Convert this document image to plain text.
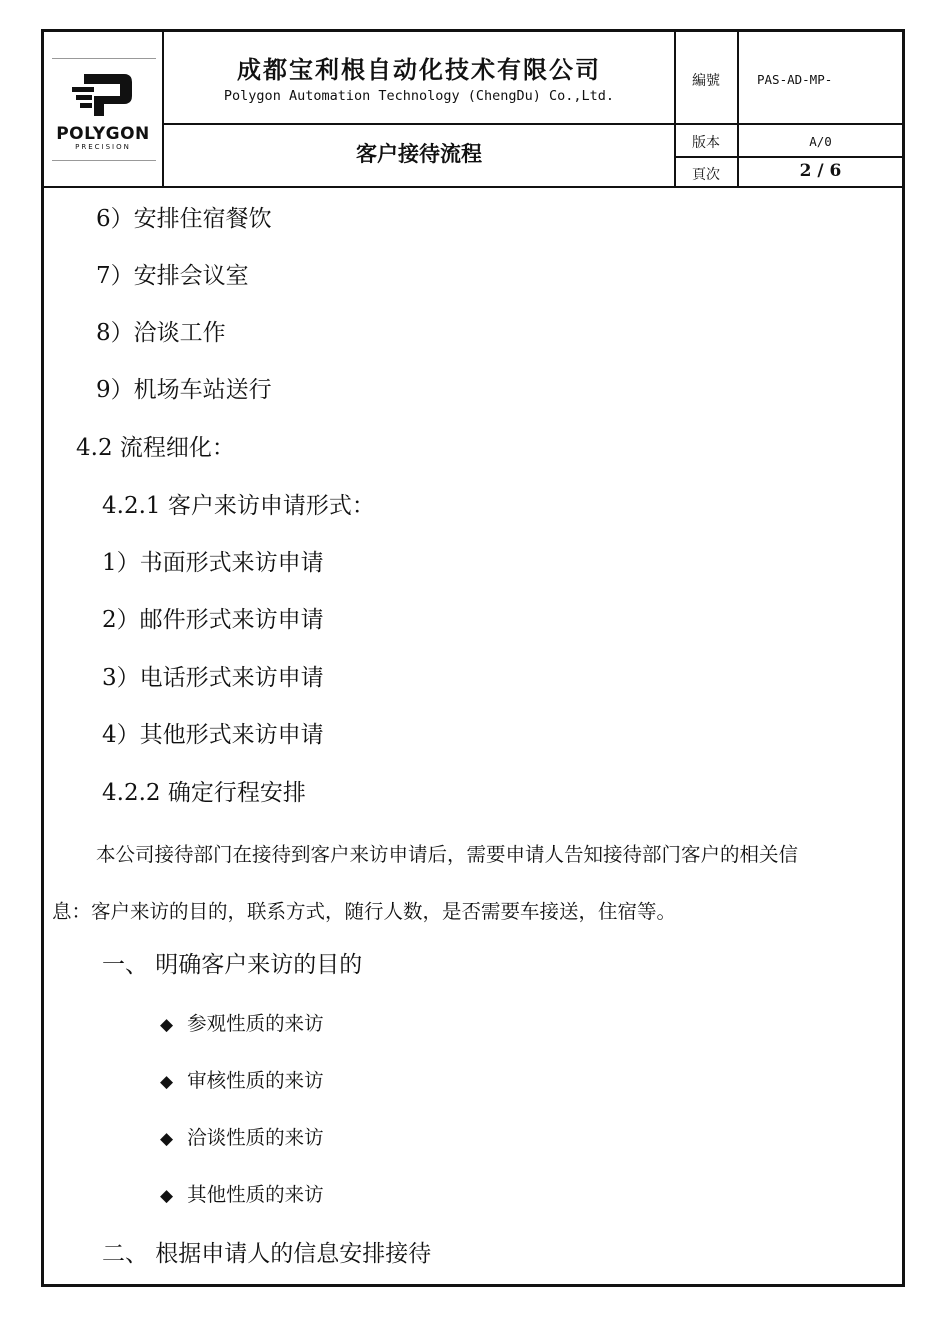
POLYGON
PRECISION
成都宝利根自动化技术有限公司
Polygon Automation Technology (ChengDu) Co.,Ltd.
客户接待流程
編號	PAS-AD-MP-
版本	A/0
頁次	2 / 6
6）安排住宿餐饮
7）安排会议室
8）洽谈工作
9）机场车站送行
4.2 流程细化：
4.2.1 客户来访申请形式：
1）书面形式来访申请
2）邮件形式来访申请
3）电话形式来访申请
4）其他形式来访申请
4.2.2 确定行程安排
本公司接待部门在接待到客户来访申请后，需要申请人告知接待部门客户的相关信
息：客户来访的目的，联系方式，随行人数，是否需要车接送，住宿等。
一、 明确客户来访的目的
◆ 参观性质的来访
◆ 审核性质的来访
◆ 洽谈性质的来访
◆ 其他性质的来访
二、 根据申请人的信息安排接待
